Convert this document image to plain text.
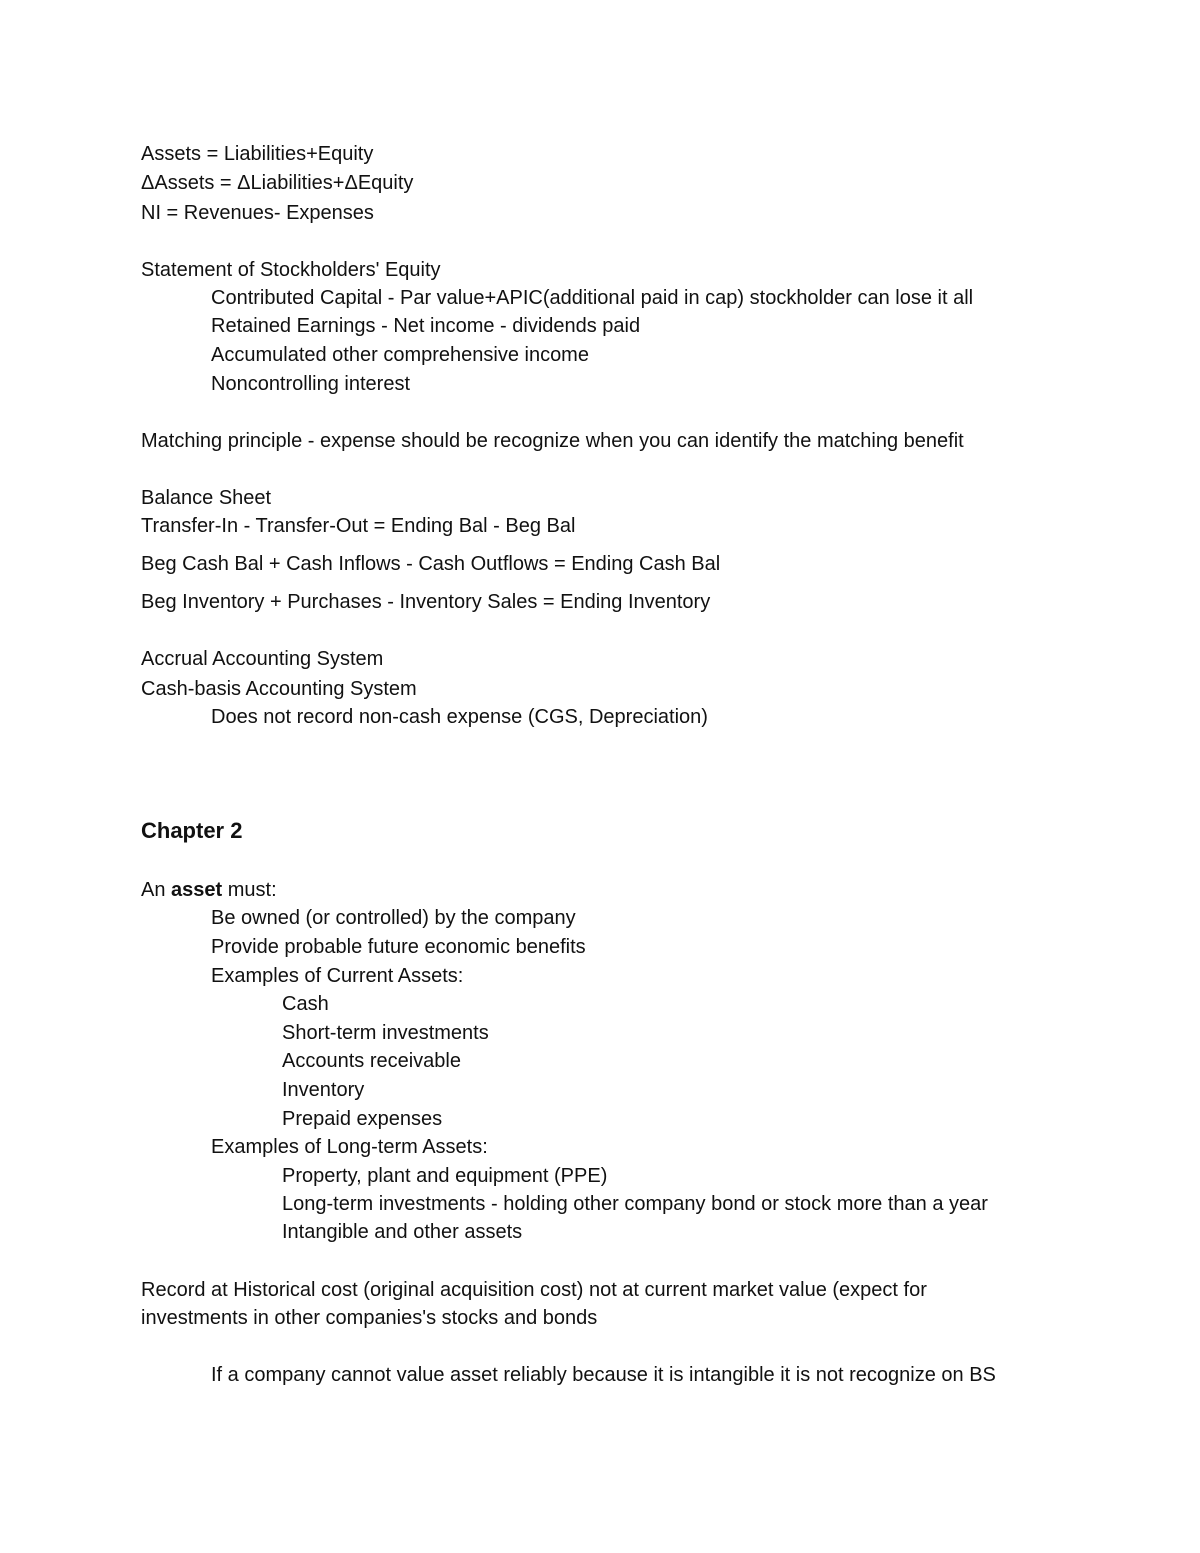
Assets = Liabilities+Equity

ΔAssets = ΔLiabilities+ΔEquity

NI = Revenues- Expenses

Statement of Stockholders' Equity

Contributed Capital - Par value+APIC(additional paid in cap) stockholder can lose it all

Retained Earnings - Net income - dividends paid

Accumulated other comprehensive income

Noncontrolling interest

Matching principle - expense should be recognize when you can identify the matching benefit

Balance Sheet

Transfer-In - Transfer-Out = Ending Bal - Beg Bal

Beg Cash Bal + Cash Inflows - Cash Outflows = Ending Cash Bal

Beg Inventory + Purchases - Inventory Sales = Ending Inventory

Accrual Accounting System

Cash-basis Accounting System

Does not record non-cash expense (CGS, Depreciation)

Chapter 2

An asset must:

Be owned (or controlled) by the company

Provide probable future economic benefits

Examples of Current Assets:

Cash

Short-term investments

Accounts receivable

Inventory

Prepaid expenses

Examples of Long-term Assets:

Property, plant and equipment (PPE)

Long-term investments - holding other company bond or stock more than a year

Intangible and other assets

Record at Historical cost (original acquisition cost) not at current market value (expect for

investments in other companies's stocks and bonds

If a company cannot value asset reliably because it is intangible it is not recognize on BS
